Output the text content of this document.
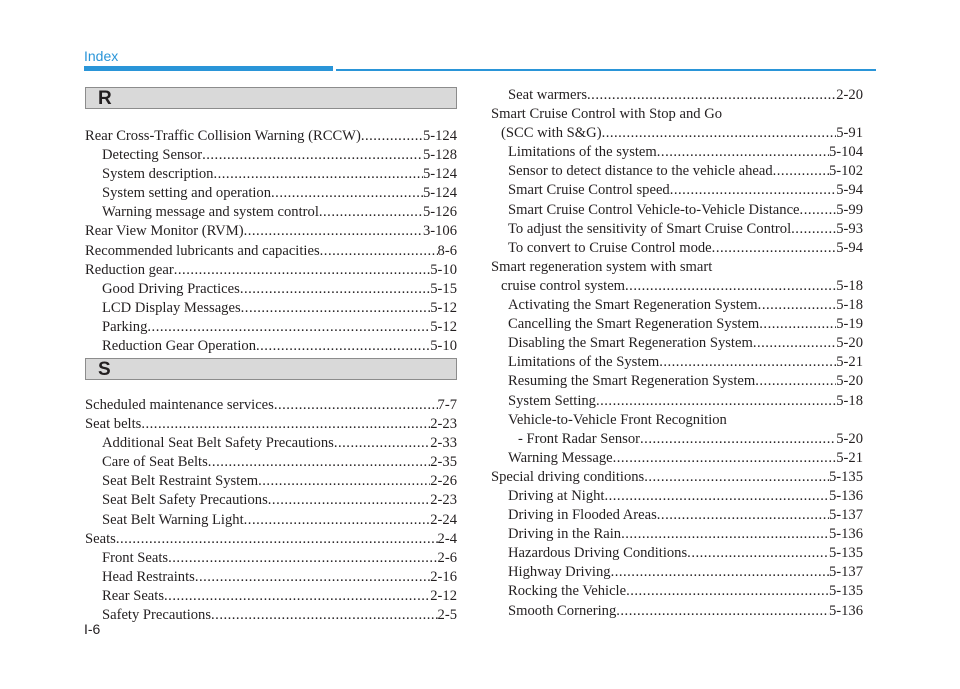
Index
R
Rear Cross-Traffic Collision Warning (RCCW) .....	5-124
Detecting Sensor .....	5-128
System description .....	5-124
System setting and operation .....	5-124
Warning message and system control .....	5-126
Rear View Monitor (RVM) .....	3-106
Recommended lubricants and capacities .....	8-6
Reduction gear .....	5-10
Good Driving Practices .....	5-15
LCD Display Messages .....	5-12
Parking .....	5-12
Reduction Gear Operation .....	5-10
S
Scheduled maintenance services .....	7-7
Seat belts .....	2-23
Additional Seat Belt Safety Precautions .....	2-33
Care of Seat Belts .....	2-35
Seat Belt Restraint System .....	2-26
Seat Belt Safety Precautions .....	2-23
Seat Belt Warning Light .....	2-24
Seats .....	2-4
Front Seats .....	2-6
Head Restraints .....	2-16
Rear Seats .....	2-12
Safety Precautions .....	2-5
Seat warmers .....	2-20
Smart Cruise Control with Stop and Go
(SCC with S&G) .....	5-91
Limitations of the system .....	5-104
Sensor to detect distance to the vehicle ahead .....	5-102
Smart Cruise Control speed .....	5-94
Smart Cruise Control Vehicle-to-Vehicle Distance .....	5-99
To adjust the sensitivity of Smart Cruise Control .....	5-93
To convert to Cruise Control mode .....	5-94
Smart regeneration system with smart
cruise control system .....	5-18
Activating the Smart Regeneration System .....	5-18
Cancelling the Smart Regeneration System .....	5-19
Disabling the Smart Regeneration System .....	5-20
Limitations of the System .....	5-21
Resuming the Smart Regeneration System .....	5-20
System Setting .....	5-18
Vehicle-to-Vehicle Front Recognition
- Front Radar Sensor .....	5-20
Warning Message .....	5-21
Special driving conditions .....	5-135
Driving at Night .....	5-136
Driving in Flooded Areas .....	5-137
Driving in the Rain .....	5-136
Hazardous Driving Conditions .....	5-135
Highway Driving .....	5-137
Rocking the Vehicle .....	5-135
Smooth Cornering .....	5-136
I-6
